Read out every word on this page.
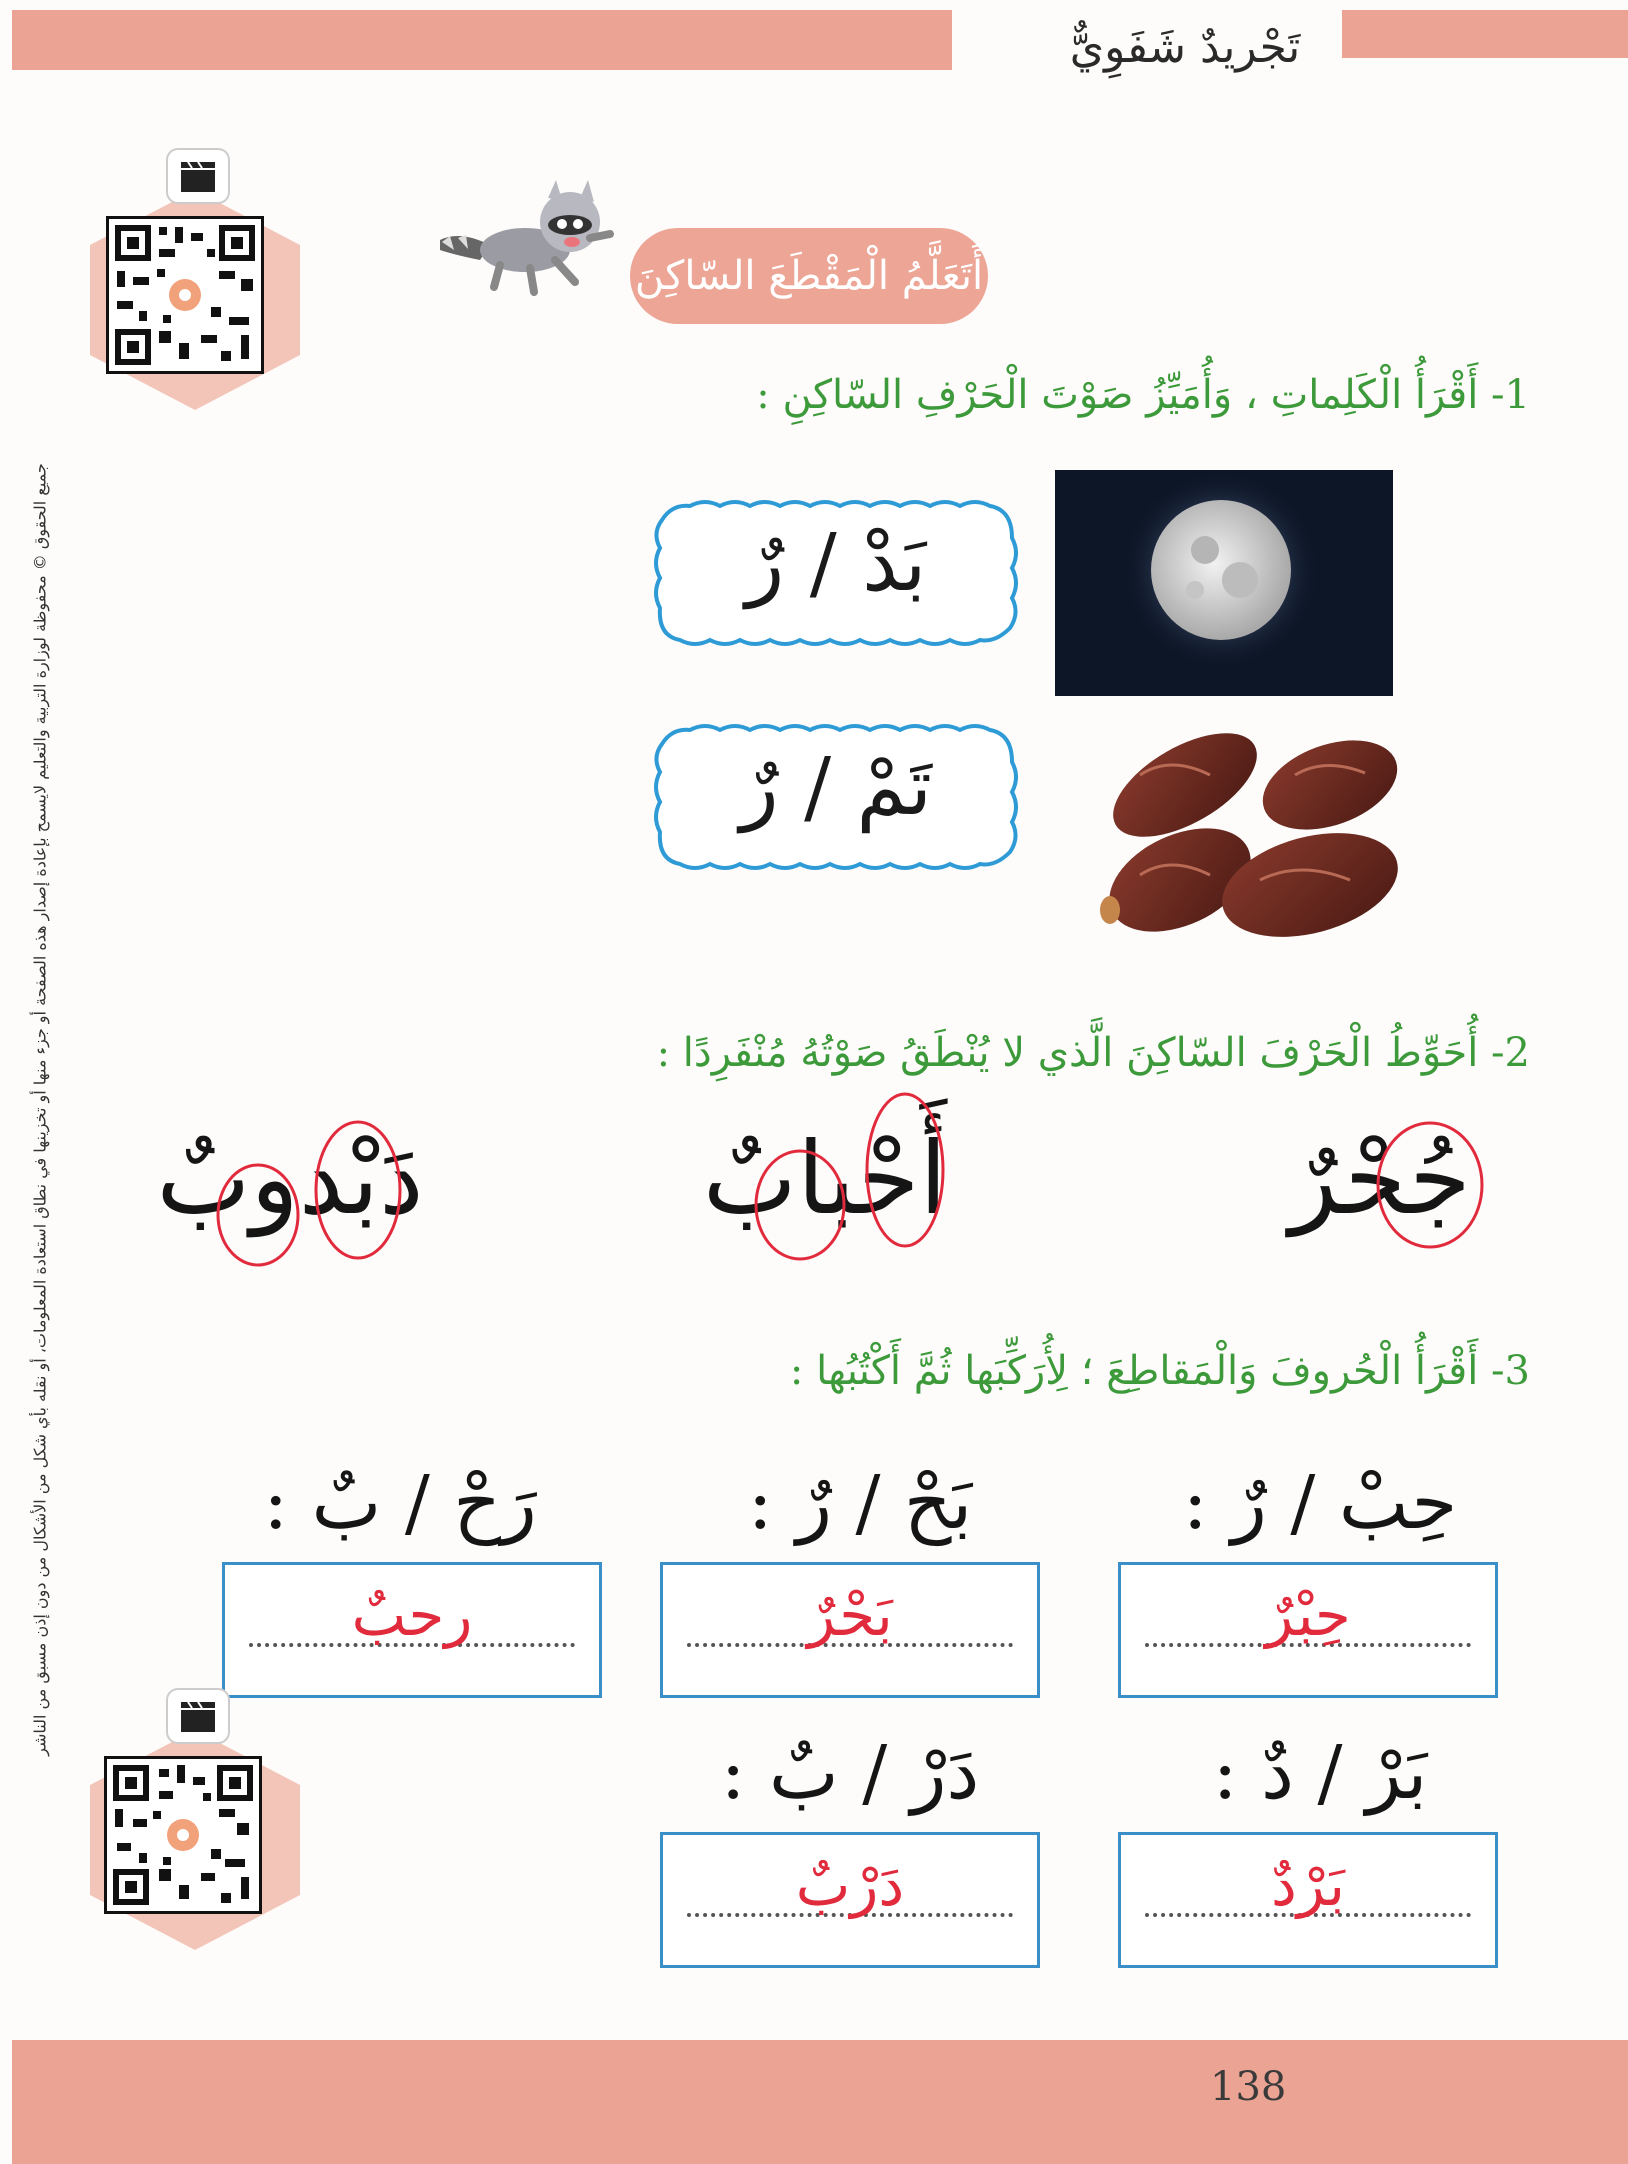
تَجْريدٌ شَفَوِيٌّ
جميع الحقوق © محفوظة لوزارة التربية والتعليم لايسمح بإعادة إصدار هذه الصفحة أو جزء منها أو تخزينها في نطاق استعادة المعلومات، أو نقله بأي شكل من الأشكال من دون إذن مسبق من الناشر
أَتَعَلَّمُ الْمَقْطَعَ السّاكِنَ
1- أَقْرَأُ الْكَلِماتِ ، وَأُمَيِّزُ صَوْتَ الْحَرْفِ السّاكِنِ :
بَدْ / رٌ
تَمْ / رٌ
2- أُحَوِّطُ الْحَرْفَ السّاكِنَ الَّذي لا يُنْطَقُ صَوْتُهُ مُنْفَرِدًا :
جُحْرٌ
أَحْبابٌ
دَبْدوبٌ
3- أَقْرَأُ الْحُروفَ وَالْمَقاطِعَ ؛ لِأُرَكِّبَها ثُمَّ أَكْتُبُها :
حِبْ / رٌ :
بَحْ / رٌ :
رَحْ / بٌ :
حِبْرٌ
بَحْرٌ
رحبٌ
بَرْ / دٌ :
دَرْ / بٌ :
بَرْدٌ
دَرْبٌ
138
